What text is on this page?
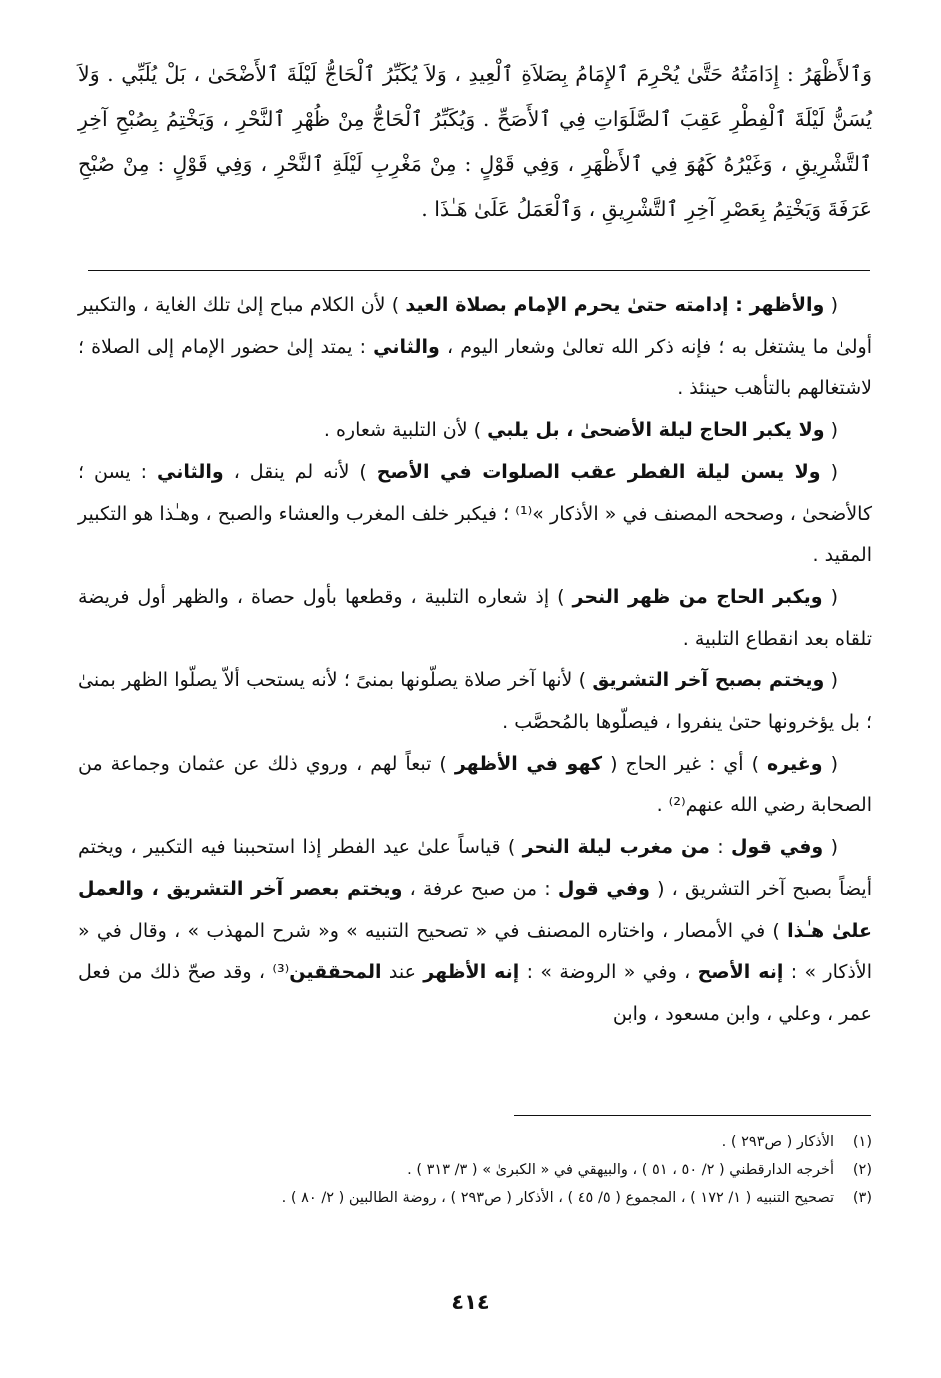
وَٱلأَظْهَرُ : إِدَامَتُهُ حَتَّىٰ يُحْرِمَ ٱلإِمَامُ بِصَلاَةِ ٱلْعِيدِ ، وَلاَ يُكَبِّرُ ٱلْحَاجُّ لَيْلَةَ ٱلأَضْحَىٰ ، بَلْ يُلَبِّي . وَلاَ يُسَنُّ لَيْلَةَ ٱلْفِطْرِ عَقِبَ ٱلصَّلَوَاتِ فِي ٱلأَصَحِّ . وَيُكَبِّرُ ٱلْحَاجُّ مِنْ ظُهْرِ ٱلنَّحْرِ ، وَيَخْتِمُ بِصُبْحِ آخِرِ ٱلتَّشْرِيقِ ، وَغَيْرُهُ كَهُوَ فِي ٱلأَظْهَرِ ، وَفِي قَوْلٍ : مِنْ مَغْرِبِ لَيْلَةِ ٱلنَّحْرِ ، وَفِي قَوْلٍ : مِنْ صُبْحِ عَرَفَةَ وَيَخْتِمُ بِعَصْرِ آخِرِ ٱلتَّشْرِيقِ ، وَٱلْعَمَلُ عَلَىٰ هَـٰذَا .

( والأظهر : إدامته حتىٰ يحرم الإمام بصلاة العيد ) لأن الكلام مباح إلىٰ تلك الغاية ، والتكبير أولىٰ ما يشتغل به ؛ فإنه ذكر الله تعالىٰ وشعار اليوم ، والثاني : يمتد إلىٰ حضور الإمام إلى الصلاة ؛ لاشتغالهم بالتأهب حينئذ .

( ولا يكبر الحاج ليلة الأضحىٰ ، بل يلبي ) لأن التلبية شعاره .

( ولا يسن ليلة الفطر عقب الصلوات في الأصح ) لأنه لم ينقل ، والثاني : يسن ؛ كالأضحىٰ ، وصححه المصنف في « الأذكار »⁽¹⁾ ؛ فيكبر خلف المغرب والعشاء والصبح ، وهـٰذا هو التكبير المقيد .

( ويكبر الحاج من ظهر النحر ) إذ شعاره التلبية ، وقطعها بأول حصاة ، والظهر أول فريضة تلقاه بعد انقطاع التلبية .

( ويختم بصبح آخر التشريق ) لأنها آخر صلاة يصلّونها بمنىً ؛ لأنه يستحب ألاّ يصلّوا الظهر بمنىٰ ؛ بل يؤخرونها حتىٰ ينفروا ، فيصلّوها بالمُحصَّب .

( وغيره ) أي : غير الحاج ( كهو في الأظهر ) تبعاً لهم ، وروي ذلك عن عثمان وجماعة من الصحابة رضي الله عنهم⁽²⁾ .

( وفي قول : من مغرب ليلة النحر ) قياساً علىٰ عيد الفطر إذا استحببنا فيه التكبير ، ويختم أيضاً بصبح آخر التشريق ، ( وفي قول : من صبح عرفة ، ويختم بعصر آخر التشريق ، والعمل علىٰ هـٰذا ) في الأمصار ، واختاره المصنف في « تصحيح التنبيه » و« شرح المهذب » ، وقال في « الأذكار » : إنه الأصح ، وفي « الروضة » : إنه الأظهر عند المحققين⁽³⁾ ، وقد صحّ ذلك من فعل عمر ، وعلي ، وابن مسعود ، وابن

(١)
الأذكار ( ص٢٩٣ ) .
(٢)
أخرجه الدارقطني ( ٢/ ٥٠ ، ٥١ ) ، والبيهقي في « الكبرىٰ » ( ٣/ ٣١٣ ) .
(٣)
تصحيح التنبيه ( ١/ ١٧٢ ) ، المجموع ( ٥/ ٤٥ ) ، الأذكار ( ص٢٩٣ ) ، روضة الطالبين ( ٢/ ٨٠ ) .
٤١٤
